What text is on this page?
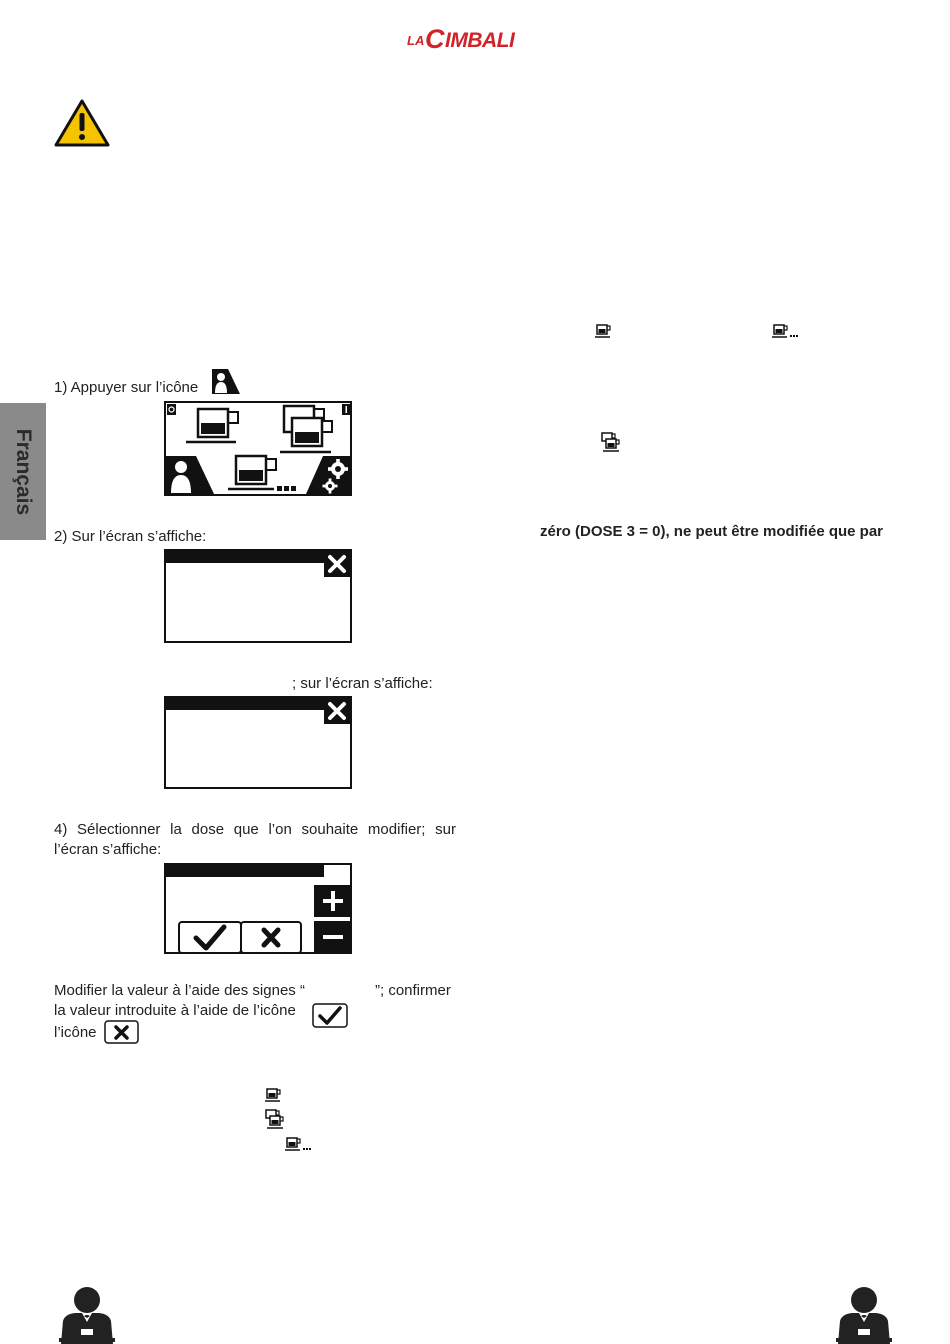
LA C IMBALI
Français
zéro (DOSE 3 = 0), ne peut être modifiée que par
1) Appuyer sur l’icône
2) Sur l’écran s’affiche:
; sur l’écran s’affiche:
4) Sélectionner la dose que l’on souhaite modifier; sur
l’écran s’affiche:
Modifier la valeur à l’aide des signes “	”; confirmer
la valeur introduite à l’aide de l’icône
l’icône
